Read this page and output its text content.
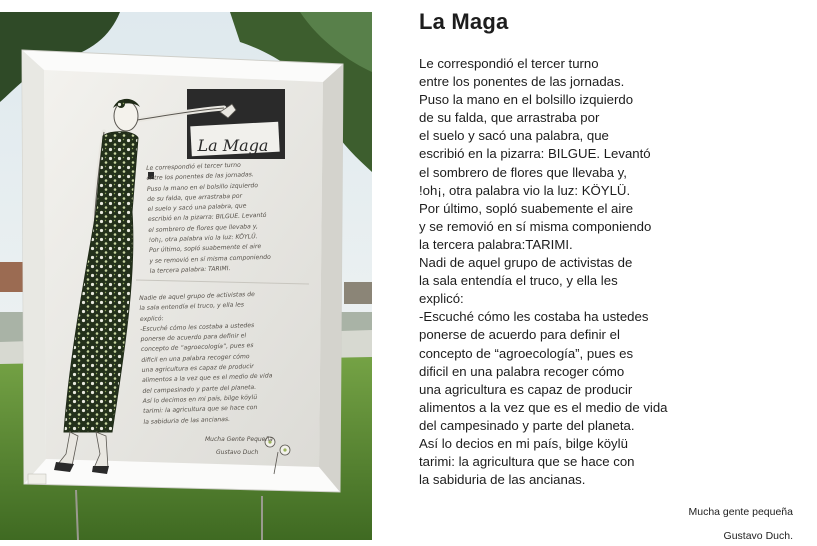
La Maga
Le correspondió el tercer turno
entre los ponentes de las jornadas.
Puso la mano en el bolsillo izquierdo
de su falda, que arrastraba por
el suelo y sacó una palabra, que
escribió en la pizarra: BILGUE. Levantó
el sombrero de flores que llevaba y,
!oh¡, otra palabra vio la luz: KÖYLÜ.
Por último, sopló suabemente el aire
y se removió en sí misma componiendo
la tercera palabra: TARIMI.
Nadie de aquel grupo de activistas de
la sala entendía el truco, y ella les
explicó:
-Escuché cómo les costaba a ustedes
ponerse de acuerdo para definir el
concepto de “agroecología”, pues es
dificil en una palabra recoger cómo
una agricultura es capaz de producir
alimentos a la vez que es el medio de vida
del campesinado y parte del planeta.
Así lo decimos en mi país, bilge köylü
tarimi: la agricultura que se hace con
la sabiduria de las ancianas.
Mucha Gente Pequeña
Gustavo Duch
La Maga
Le correspondió el tercer turno
entre los ponentes de las jornadas.
Puso la mano en el bolsillo izquierdo
de su falda, que arrastraba por
el suelo y sacó una palabra, que
escribió en la pizarra: BILGUE. Levantó
el sombrero de flores que llevaba y,
!oh¡, otra palabra vio la luz: KÖYLÜ.
Por último, sopló suabemente el aire
y se removió en sí misma componiendo
la tercera palabra:TARIMI.
Nadi de aquel grupo de activistas de
la sala entendía el truco, y ella les
explicó:
-Escuché cómo les costaba ha ustedes
ponerse de acuerdo para definir el
concepto de “agroecología”, pues es
dificil en una palabra recoger cómo
una agricultura es capaz de producir
alimentos a la vez que es el medio de vida
del campesinado y parte del planeta.
Así lo decios en mi país, bilge köylü
tarimi: la agricultura que se hace con
la sabiduria de las ancianas.
Mucha gente pequeña
Gustavo Duch.
